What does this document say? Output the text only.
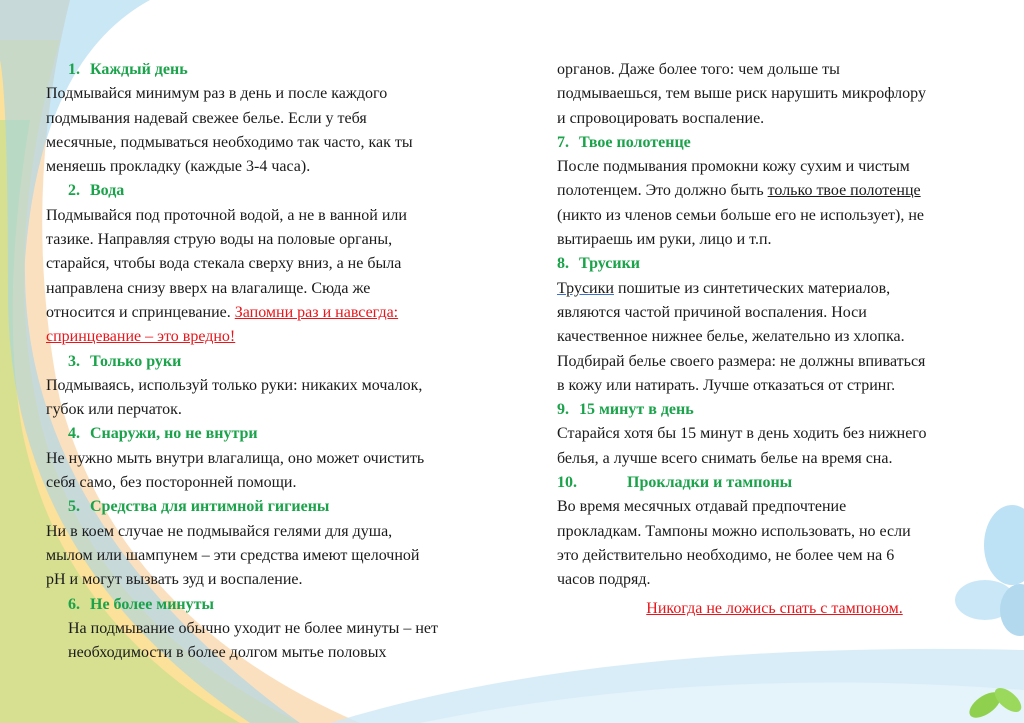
1. Каждый день

Подмывайся минимум раз в день и после каждого

подмывания надевай свежее белье. Если у тебя

месячные, подмываться необходимо так часто, как ты

меняешь прокладку (каждые 3-4 часа).

2. Вода

Подмывайся под проточной водой, а не в ванной или

тазике. Направляя струю воды на половые органы,

старайся, чтобы вода стекала сверху вниз, а не была

направлена снизу вверх на влагалище. Сюда же

относится и спринцевание. Запомни раз и навсегда:

спринцевание – это вредно!

3. Только руки

Подмываясь, используй только руки: никаких мочалок,

губок или перчаток.

4. Снаружи, но не внутри

Не нужно мыть внутри влагалища, оно может очистить

себя само, без посторонней помощи.

5. Средства для интимной гигиены

Ни в коем случае не подмывайся гелями для душа,

мылом или шампунем – эти средства имеют щелочной

рН и могут вызвать зуд и воспаление.

6. Не более минуты

На подмывание обычно уходит не более минуты – нет

необходимости в более долгом мытье половых

органов. Даже более того: чем дольше ты

подмываешься, тем выше риск нарушить микрофлору

и спровоцировать воспаление.

7. Твое полотенце

После подмывания промокни кожу сухим и чистым

полотенцем. Это должно быть только твое полотенце

(никто из членов семьи больше его не использует), не

вытираешь им руки, лицо и т.п.

8. Трусики

Трусики пошитые из синтетических материалов,

являются частой причиной воспаления. Носи

качественное нижнее белье, желательно из хлопка.

Подбирай белье своего размера: не должны впиваться

в кожу или натирать. Лучше отказаться от стринг.

9. 15 минут в день

Старайся хотя бы 15 минут в день ходить без нижнего

белья, а лучше всего снимать белье на время сна.

10.	Прокладки и тампоны

Во время месячных отдавай предпочтение

прокладкам. Тампоны можно использовать, но если

это действительно необходимо, не более чем на 6

часов подряд.

Никогда не ложись спать с тампоном.
